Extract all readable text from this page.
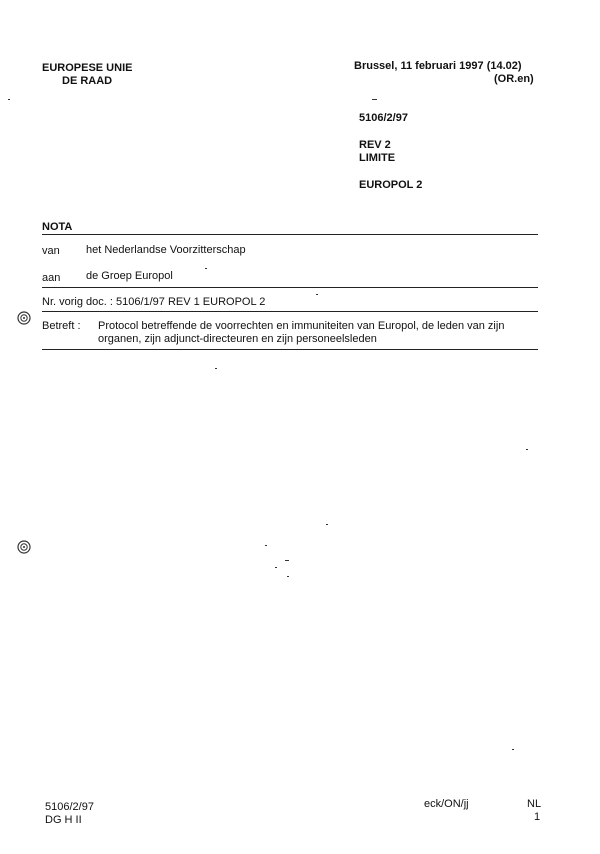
EUROPESE UNIE
DE RAAD
Brussel, 11 februari 1997 (14.02)
(OR.en)
5106/2/97
REV 2
LIMITE
EUROPOL 2
NOTA
van het Nederlandse Voorzitterschap
aan de Groep Europol
Nr. vorig doc. : 5106/1/97 REV 1 EUROPOL 2
Betreft : Protocol betreffende de voorrechten en immuniteiten van Europol, de leden van zijn
organen, zijn adjunct-directeuren en zijn personeelsleden
5106/2/97
DG H II
eck/ON/jj	NL
1
